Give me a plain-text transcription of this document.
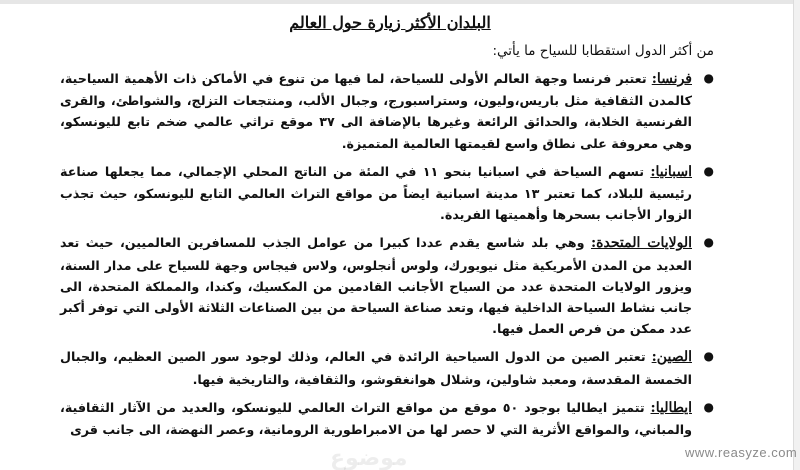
البلدان الأكثر زيارة حول العالم

من أكثر الدول استقطابا للسياح ما يأتي:

●
فرنسا: تعتبر فرنسا وجهة العالم الأولى للسياحة، لما فيها من تنوع في الأماكن ذات الأهمية السياحية، كالمدن الثقافية مثل باريس،وليون، وستراسبورج، وجبال الألب، ومنتجعات التزلج، والشواطئ، والقرى الفرنسية الخلابة، والحدائق الرائعة وغيرها بالإضافة الى ٣٧ موقع تراثي عالمي ضخم تابع لليونسكو، وهي معروفة على نطاق واسع لقيمتها العالمية المتميزة.
●
اسبانيا: تسهم السياحة في اسبانيا بنحو ١١ في المئة من الناتج المحلي الإجمالي، مما يجعلها صناعة رئيسية للبلاد، كما تعتبر ١٣ مدينة اسبانية ايضاً من مواقع التراث العالمي التابع لليونسكو، حيث تجذب الزوار الأجانب بسحرها وأهميتها الفريدة.
●
الولايات المتحدة: وهي بلد شاسع يقدم عددا كبيرا من عوامل الجذب للمسافرين العالميين، حيث تعد العديد من المدن الأمريكية مثل نيويورك، ولوس أنجلوس، ولاس فيجاس وجهة للسياح على مدار السنة، ويزور الولايات المتحدة عدد من السياح الأجانب القادمين من المكسيك، وكندا، والمملكة المتحدة، الى جانب نشاط السياحة الداخلية فيها، وتعد صناعة السياحة من بين الصناعات الثلاثة الأولى التي توفر أكبر عدد ممكن من فرص العمل فيها.
●
الصين: تعتبر الصين من الدول السياحية الرائدة في العالم، وذلك لوجود سور الصين العظيم، والجبال الخمسة المقدسة، ومعبد شاولين، وشلال هوانغقوشو، والثقافية، والتاريخية فيها.
●
ايطاليا: تتميز ايطاليا بوجود ٥٠ موقع من مواقع التراث العالمي لليونسكو، والعديد من الآثار الثقافية، والمباني، والمواقع الأثرية التي لا حصر لها من الامبراطورية الرومانية، وعصر النهضة، الى جانب قرى
موضوع	www.reasyze.com
